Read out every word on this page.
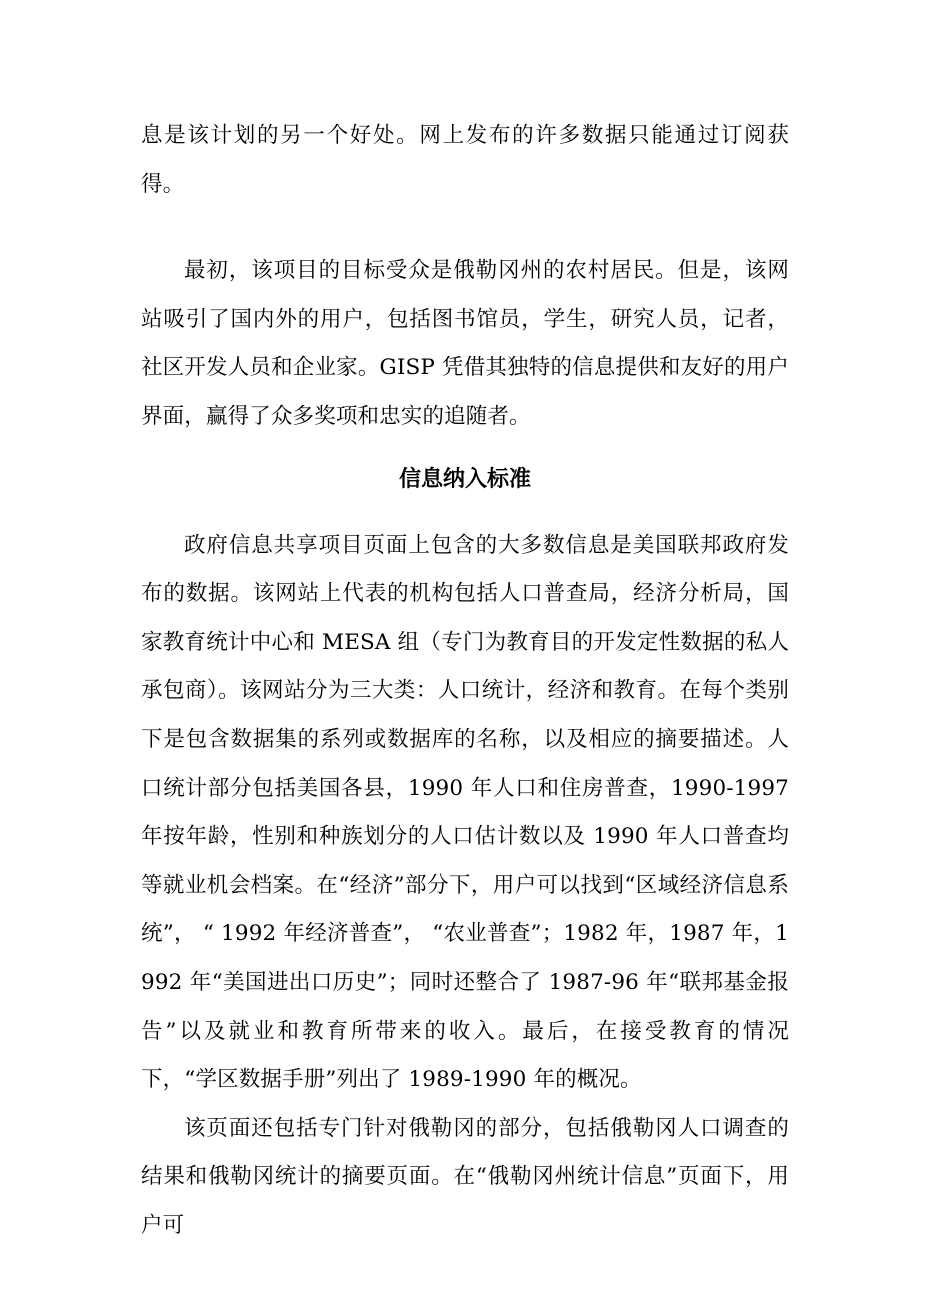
息是该计划的另一个好处。网上发布的许多数据只能通过订阅获得。

最初，该项目的目标受众是俄勒冈州的农村居民。但是，该网站吸引了国内外的用户，包括图书馆员，学生，研究人员，记者，社区开发人员和企业家。GISP 凭借其独特的信息提供和友好的用户界面，赢得了众多奖项和忠实的追随者。

信息纳入标准

政府信息共享项目页面上包含的大多数信息是美国联邦政府发布的数据。该网站上代表的机构包括人口普查局，经济分析局，国家教育统计中心和 MESA 组（专门为教育目的开发定性数据的私人承包商）。该网站分为三大类：人口统计，经济和教育。在每个类别下是包含数据集的系列或数据库的名称，以及相应的摘要描述。人口统计部分包括美国各县，1990 年人口和住房普查，1990-1997 年按年龄，性别和种族划分的人口估计数以及 1990 年人口普查均等就业机会档案。在“经济”部分下，用户可以找到“区域经济信息系统”， “ 1992 年经济普查”， “农业普查”；1982 年，1987 年，1992 年“美国进出口历史”；同时还整合了 1987-96 年“联邦基金报告”以及就业和教育所带来的收入。最后，在接受教育的情况下，“学区数据手册”列出了 1989-1990 年的概况。

该页面还包括专门针对俄勒冈的部分，包括俄勒冈人口调查的结果和俄勒冈统计的摘要页面。在“俄勒冈州统计信息”页面下，用户可
